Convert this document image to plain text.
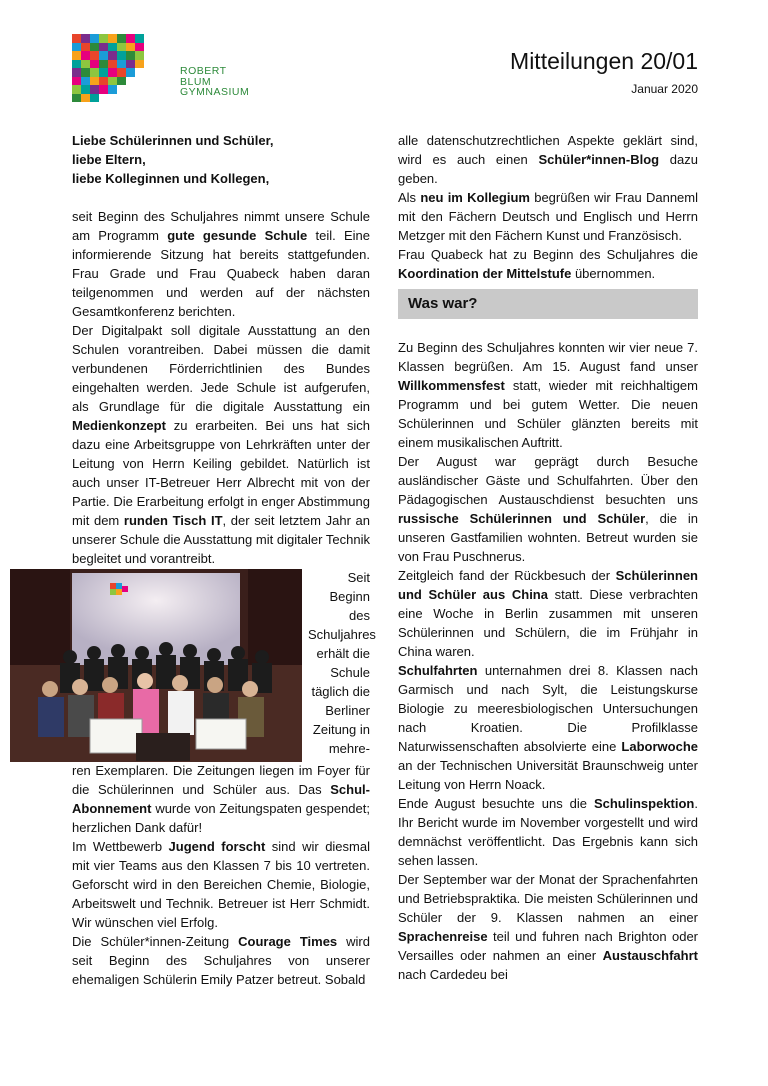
ROBERT
BLUM
GYMNASIUM
Mitteilungen 20/01
Januar 2020

Liebe Schülerinnen und Schüler,
liebe Eltern,
liebe Kolleginnen und Kollegen,

seit Beginn des Schuljahres nimmt unsere Schule am Programm gute gesunde Schule teil. Eine informierende Sitzung hat bereits stattgefunden. Frau Grade und Frau Quabeck haben daran teilgenommen und werden auf der nächsten Gesamtkonferenz berichten.

Der Digitalpakt soll digitale Ausstattung an den Schulen vorantreiben. Dabei müssen die damit verbundenen Förderrichtlinien des Bundes eingehalten werden. Jede Schule ist aufgerufen, als Grundlage für die digitale Ausstattung ein Medienkonzept zu erarbeiten. Bei uns hat sich dazu eine Arbeitsgruppe von Lehrkräften unter der Leitung von Herrn Keiling gebildet. Natürlich ist auch unser IT-Betreuer Herr Albrecht mit von der Partie. Die Erarbeitung erfolgt in enger Abstimmung mit dem runden Tisch IT, der seit letztem Jahr an unserer Schule die Ausstattung mit digitaler Technik begleitet und vorantreibt.

Seit Beginn des Schuljahres erhält die Schule täglich die Berliner Zeitung in mehre-

ren Exemplaren. Die Zeitungen liegen im Foyer für die Schülerinnen und Schüler aus. Das Schul-Abonnement wurde von Zeitungspaten gespendet; herzlichen Dank dafür!

Im Wettbewerb Jugend forscht sind wir diesmal mit vier Teams aus den Klassen 7 bis 10 vertreten. Geforscht wird in den Bereichen Chemie, Biologie, Arbeitswelt und Technik. Betreuer ist Herr Schmidt. Wir wünschen viel Erfolg.

Die Schüler*innen-Zeitung Courage Times wird seit Beginn des Schuljahres von unserer ehemaligen Schülerin Emily Patzer betreut. Sobald

alle datenschutzrechtlichen Aspekte geklärt sind, wird es auch einen Schüler*innen-Blog dazu geben.

Als neu im Kollegium begrüßen wir Frau Danneml mit den Fächern Deutsch und Englisch und Herrn Metzger mit den Fächern Kunst und Französisch.

Frau Quabeck hat zu Beginn des Schuljahres die Koordination der Mittelstufe übernommen.

Was war?

Zu Beginn des Schuljahres konnten wir vier neue 7. Klassen begrüßen. Am 15. August fand unser Willkommensfest statt, wieder mit reichhaltigem Programm und bei gutem Wetter. Die neuen Schülerinnen und Schüler glänzten bereits mit einem musikalischen Auftritt.

Der August war geprägt durch Besuche ausländischer Gäste und Schulfahrten. Über den Pädagogischen Austauschdienst besuchten uns russische Schülerinnen und Schüler, die in unseren Gastfamilien wohnten. Betreut wurden sie von Frau Puschnerus.

Zeitgleich fand der Rückbesuch der Schülerinnen und Schüler aus China statt. Diese verbrachten eine Woche in Berlin zusammen mit unseren Schülerinnen und Schülern, die im Frühjahr in China waren.

Schulfahrten unternahmen drei 8. Klassen nach Garmisch und nach Sylt, die Leistungskurse Biologie zu meeresbiologischen Untersuchungen nach Kroatien. Die Profilklasse Naturwissenschaften absolvierte eine Laborwoche an der Technischen Universität Braunschweig unter Leitung von Herrn Noack.

Ende August besuchte uns die Schulinspektion. Ihr Bericht wurde im November vorgestellt und wird demnächst veröffentlicht. Das Ergebnis kann sich sehen lassen.

Der September war der Monat der Sprachenfahrten und Betriebspraktika. Die meisten Schülerinnen und Schüler der 9. Klassen nahmen an einer Sprachenreise teil und fuhren nach Brighton oder Versailles oder nahmen an einer Austauschfahrt nach Cardedeu bei
